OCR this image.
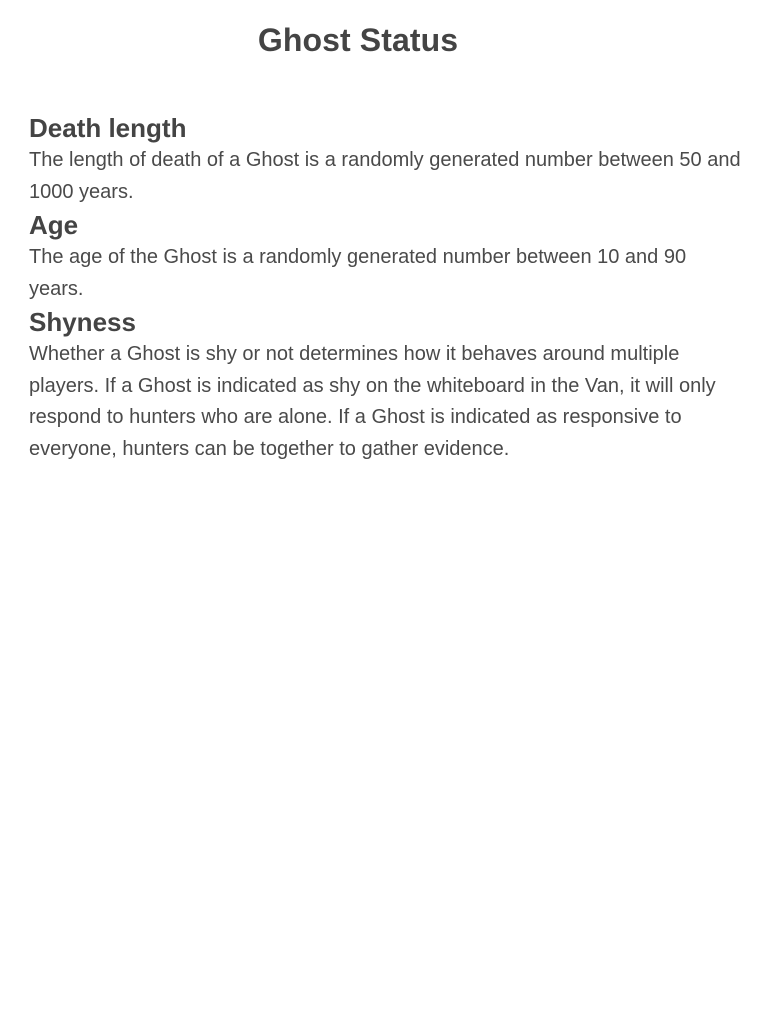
Ghost Status
Death length

The length of death of a Ghost is a randomly generated number between 50 and 1000 years.

Age

The age of the Ghost is a randomly generated number between 10 and 90 years.

Shyness

Whether a Ghost is shy or not determines how it behaves around multiple players. If a Ghost is indicated as shy on the whiteboard in the Van, it will only respond to hunters who are alone. If a Ghost is indicated as responsive to everyone, hunters can be together to gather evidence.
